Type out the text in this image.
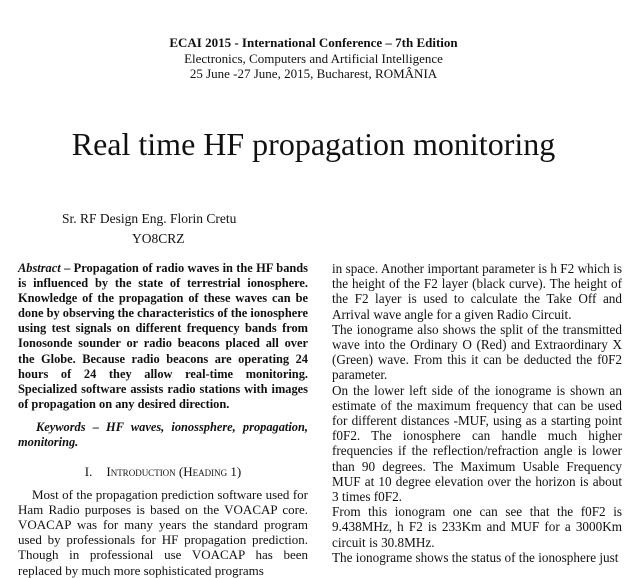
ECAI 2015 - International Conference – 7th Edition
Electronics, Computers and Artificial Intelligence
25 June -27 June, 2015, Bucharest, ROMÂNIA
Real time HF propagation monitoring
Sr. RF Design Eng. Florin Cretu
YO8CRZ
Abstract – Propagation of radio waves in the HF bands is influenced by the state of terrestrial ionosphere. Knowledge of the propagation of these waves can be done by observing the characteristics of the ionosphere using test signals on different frequency bands from Ionosonde sounder or radio beacons placed all over the Globe. Because radio beacons are operating 24 hours of 24 they allow real-time monitoring. Specialized software assists radio stations with images of propagation on any desired direction.
Keywords – HF waves, ionossphere, propagation, monitoring.
I. Introduction (Heading 1)

Most of the propagation prediction software used for Ham Radio purposes is based on the VOACAP core. VOACAP was for many years the standard program used by professionals for HF propagation prediction. Though in professional use VOACAP has been replaced by much more sophisticated programs

in space. Another important parameter is h F2 which is the height of the F2 layer (black curve). The height of the F2 layer is used to calculate the Take Off and Arrival wave angle for a given Radio Circuit.

The ionograme also shows the split of the transmitted wave into the Ordinary O (Red) and Extraordinary X (Green) wave. From this it can be deducted the f0F2 parameter.

On the lower left side of the ionograme is shown an estimate of the maximum frequency that can be used for different distances -MUF, using as a starting point f0F2. The ionosphere can handle much higher frequencies if the reflection/refraction angle is lower than 90 degrees. The Maximum Usable Frequency MUF at 10 degree elevation over the horizon is about 3 times f0F2.

From this ionogram one can see that the f0F2 is 9.438MHz, h F2 is 233Km and MUF for a 3000Km circuit is 30.8MHz.

The ionograme shows the status of the ionosphere just
